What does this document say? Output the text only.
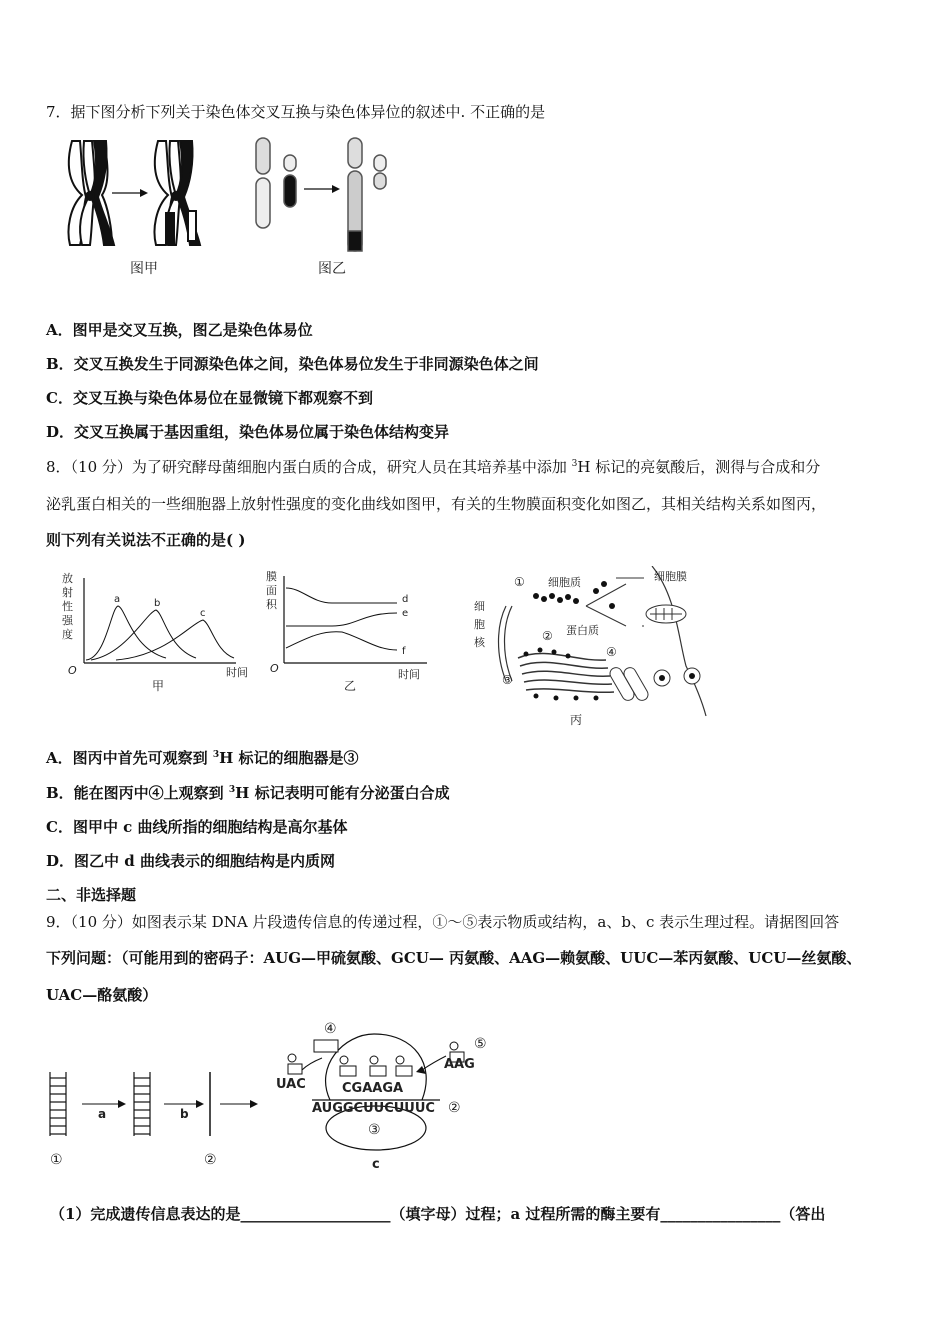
7．据下图分析下列关于染色体交叉互换与染色体异位的叙述中. 不正确的是
图甲	图乙
A．图甲是交叉互换，图乙是染色体易位
B．交叉互换发生于同源染色体之间，染色体易位发生于非同源染色体之间
C．交叉互换与染色体易位在显微镜下都观察不到
D．交叉互换属于基因重组，染色体易位属于染色体结构变异
8．（10 分）为了研究酵母菌细胞内蛋白质的合成，研究人员在其培养基中添加 $^3$H 标记的亮氨酸后，测得与合成和分
泌乳蛋白相关的一些细胞器上放射性强度的变化曲线如图甲，有关的生物膜面积变化如图乙，其相关结构关系如图丙，
则下列有关说法不正确的是( )
放射性强度
O	时间
a	b
c
甲
膜面积
O	时间
d
e
f
乙
① 细胞质	细胞膜
② 蛋白质
④
③
细胞核
丙
A．图丙中首先可观察到 $^3$H 标记的细胞器是③
B．能在图丙中④上观察到 $^3$H 标记表明可能有分泌蛋白合成
C．图甲中 c 曲线所指的细胞结构是高尔基体
D．图乙中 d 曲线表示的细胞结构是内质网
二、非选择题
9．（10 分）如图表示某 DNA 片段遗传信息的传递过程，①～⑤表示物质或结构，a、b、c 表示生理过程。请据图回答
下列问题：（可能用到的密码子：AUG—甲硫氨酸、GCU— 丙氨酸、AAG—赖氨酸、UUC—苯丙氨酸、UCU—丝氨酸、
UAC—酪氨酸）
①
a	b
②
④
⑤
UAC
AAG
CGAAGA
AUGGCUUCUUUC ②
③
c
（1）完成遗传信息表达的是____________________（填字母）过程；a 过程所需的酶主要有________________（答出
